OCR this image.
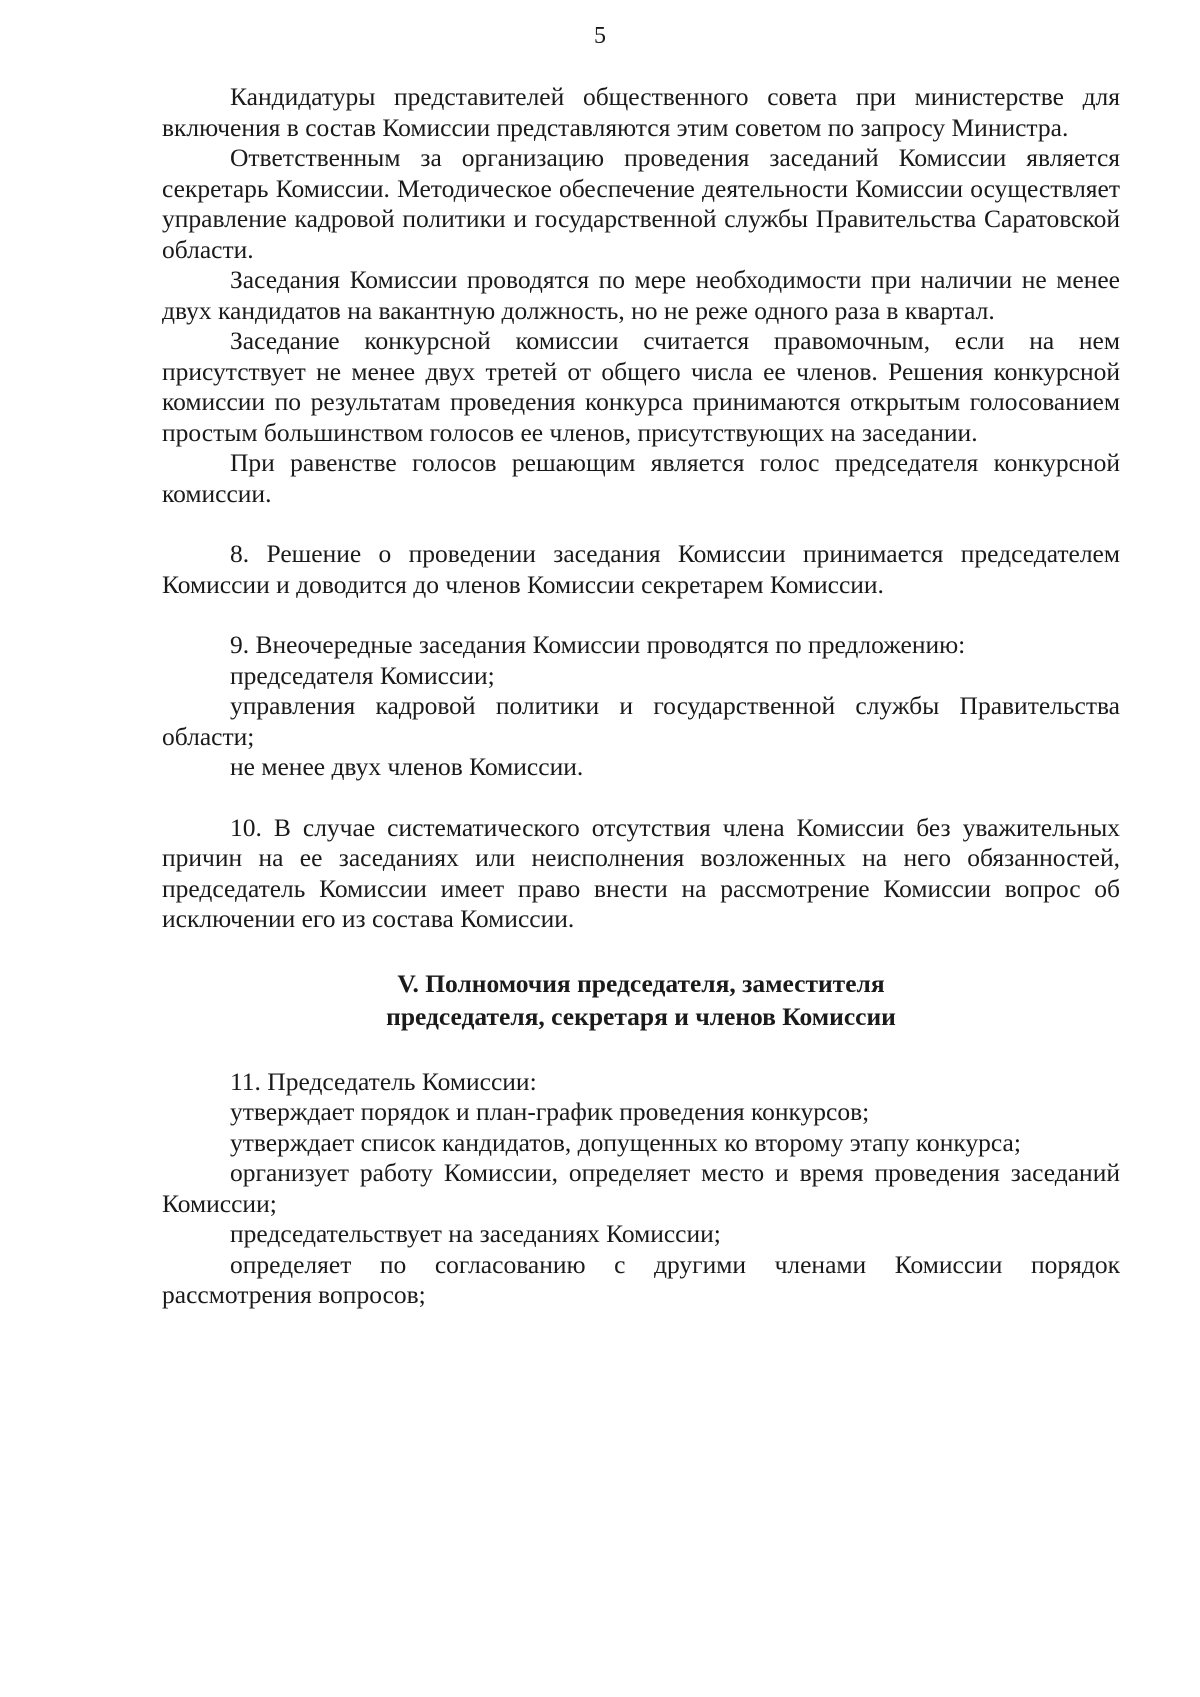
5

Кандидатуры представителей общественного совета при министерстве для включения в состав Комиссии представляются этим советом по запросу Министра.

Ответственным за организацию проведения заседаний Комиссии является секретарь Комиссии. Методическое обеспечение деятельности Комиссии осуществляет управление кадровой политики и государственной службы Правительства Саратовской области.

Заседания Комиссии проводятся по мере необходимости при наличии не менее двух кандидатов на вакантную должность, но не реже одного раза в квартал.

Заседание конкурсной комиссии считается правомочным, если на нем присутствует не менее двух третей от общего числа ее членов. Решения конкурсной комиссии по результатам проведения конкурса принимаются открытым голосованием простым большинством голосов ее членов, присутствующих на заседании.

При равенстве голосов решающим является голос председателя конкурсной комиссии.

8. Решение о проведении заседания Комиссии принимается председателем Комиссии и доводится до членов Комиссии секретарем Комиссии.

9. Внеочередные заседания Комиссии проводятся по предложению:

председателя Комиссии;

управления кадровой политики и государственной службы Правительства области;

не менее двух членов Комиссии.

10. В случае систематического отсутствия члена Комиссии без уважительных причин на ее заседаниях или неисполнения возложенных на него обязанностей, председатель Комиссии имеет право внести на рассмотрение Комиссии вопрос об исключении его из состава Комиссии.

V. Полномочия председателя, заместителя
председателя, секретаря и членов Комиссии

11. Председатель Комиссии:

утверждает порядок и план-график проведения конкурсов;

утверждает список кандидатов, допущенных ко второму этапу конкурса;

организует работу Комиссии, определяет место и время проведения заседаний Комиссии;

председательствует на заседаниях Комиссии;

определяет по согласованию с другими членами Комиссии порядок рассмотрения вопросов;
